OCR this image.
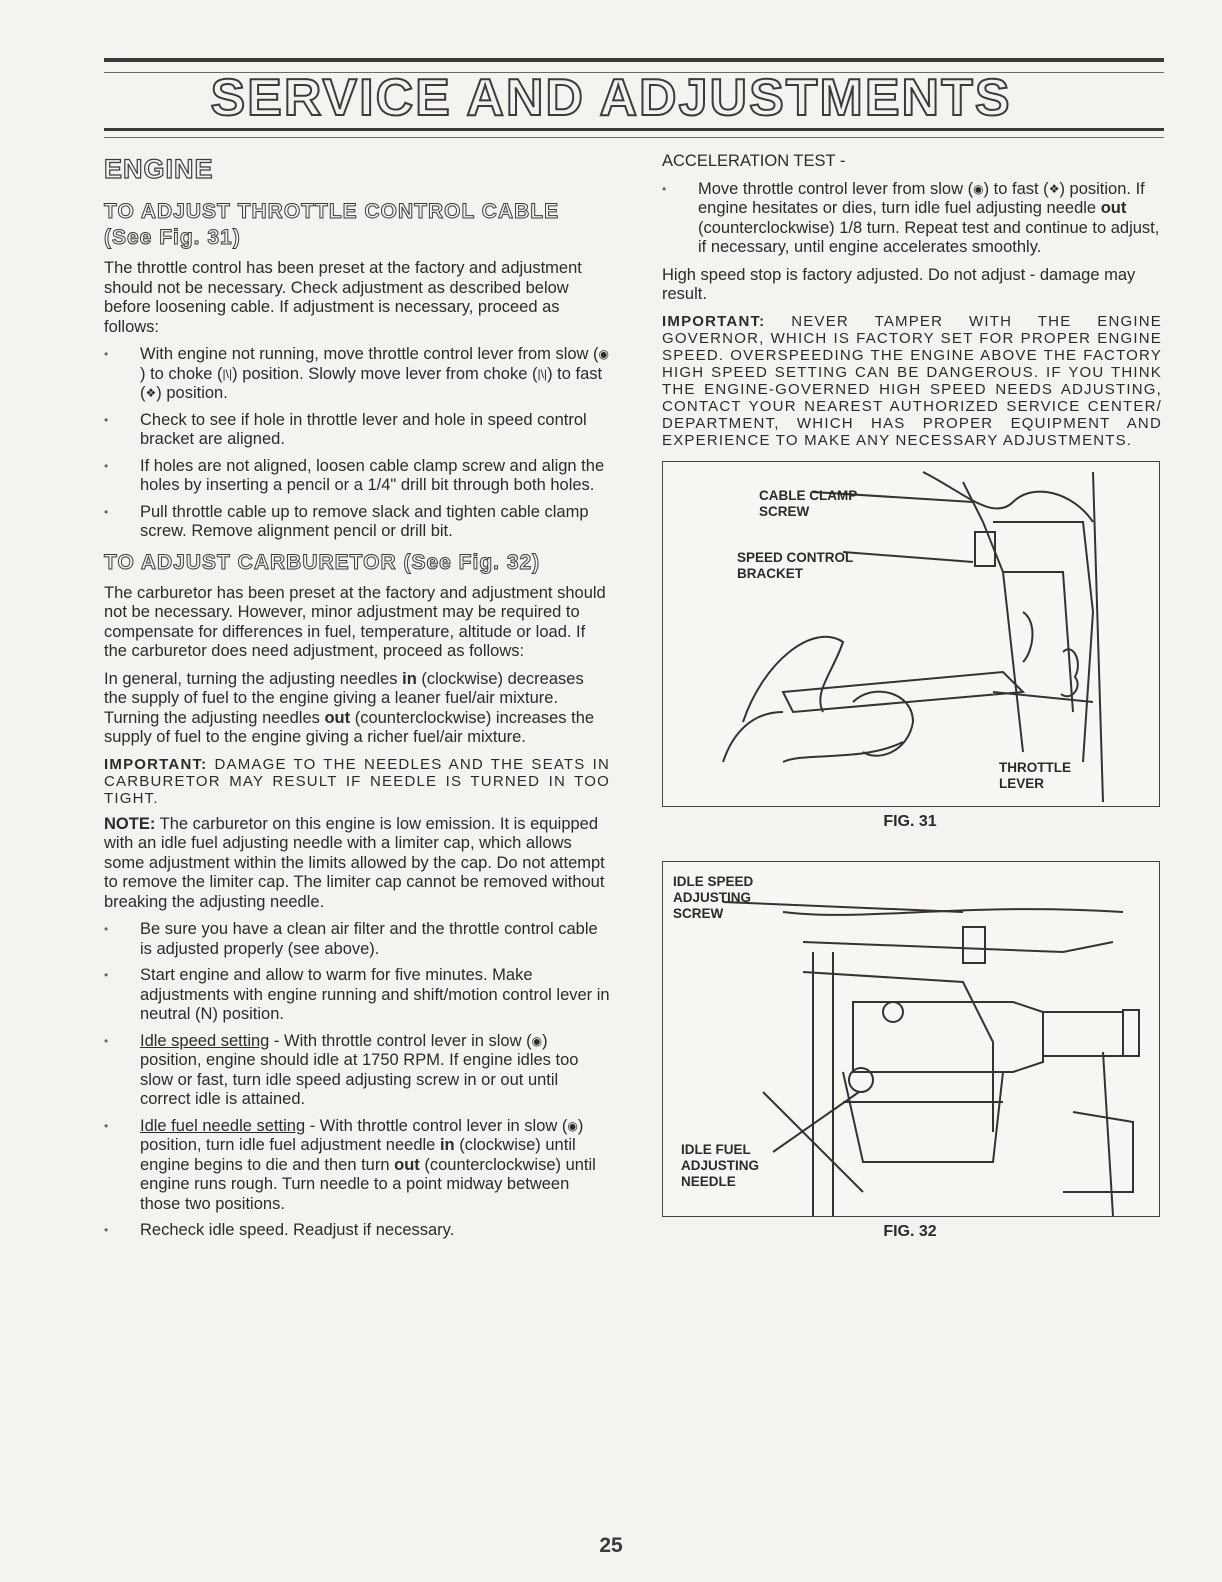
SERVICE AND ADJUSTMENTS
ENGINE
TO ADJUST THROTTLE CONTROL CABLE
(See Fig. 31)

The throttle control has been preset at the factory and adjustment should not be necessary. Check adjustment as described below before loosening cable. If adjustment is necessary, proceed as follows:

• With engine not running, move throttle control lever from slow (◉) to choke (|\|) position. Slowly move lever from choke (|\|) to fast (❖) position.
• Check to see if hole in throttle lever and hole in speed control bracket are aligned.
• If holes are not aligned, loosen cable clamp screw and align the holes by inserting a pencil or a 1/4" drill bit through both holes.
• Pull throttle cable up to remove slack and tighten cable clamp screw. Remove alignment pencil or drill bit.
TO ADJUST CARBURETOR (See Fig. 32)

The carburetor has been preset at the factory and adjustment should not be necessary. However, minor adjustment may be required to compensate for differences in fuel, temperature, altitude or load. If the carburetor does need adjustment, proceed as follows:

In general, turning the adjusting needles in (clockwise) decreases the supply of fuel to the engine giving a leaner fuel/air mixture. Turning the adjusting needles out (counterclockwise) increases the supply of fuel to the engine giving a richer fuel/air mixture.

IMPORTANT: DAMAGE TO THE NEEDLES AND THE SEATS IN CARBURETOR MAY RESULT IF NEEDLE IS TURNED IN TOO TIGHT.

NOTE: The carburetor on this engine is low emission. It is equipped with an idle fuel adjusting needle with a limiter cap, which allows some adjustment within the limits allowed by the cap. Do not attempt to remove the limiter cap. The limiter cap cannot be removed without breaking the adjusting needle.

• Be sure you have a clean air filter and the throttle control cable is adjusted properly (see above).
• Start engine and allow to warm for five minutes. Make adjustments with engine running and shift/motion control lever in neutral (N) position.
• Idle speed setting - With throttle control lever in slow (◉) position, engine should idle at 1750 RPM. If engine idles too slow or fast, turn idle speed adjusting screw in or out until correct idle is attained.
• Idle fuel needle setting - With throttle control lever in slow (◉) position, turn idle fuel adjustment needle in (clockwise) until engine begins to die and then turn out (counterclockwise) until engine runs rough. Turn needle to a point midway between those two positions.
• Recheck idle speed. Readjust if necessary.

ACCELERATION TEST -

• Move throttle control lever from slow (◉) to fast (❖) position. If engine hesitates or dies, turn idle fuel adjusting needle out (counterclockwise) 1/8 turn. Repeat test and continue to adjust, if necessary, until engine accelerates smoothly.

High speed stop is factory adjusted. Do not adjust - damage may result.

IMPORTANT: NEVER TAMPER WITH THE ENGINE GOVERNOR, WHICH IS FACTORY SET FOR PROPER ENGINE SPEED. OVERSPEEDING THE ENGINE ABOVE THE FACTORY HIGH SPEED SETTING CAN BE DANGEROUS. IF YOU THINK THE ENGINE-GOVERNED HIGH SPEED NEEDS ADJUSTING, CONTACT YOUR NEAREST AUTHORIZED SERVICE CENTER/ DEPARTMENT, WHICH HAS PROPER EQUIPMENT AND EXPERIENCE TO MAKE ANY NECESSARY ADJUSTMENTS.

CABLE CLAMP
SCREW
SPEED CONTROL
BRACKET
THROTTLE
LEVER
FIG. 31
IDLE SPEED
ADJUSTING
SCREW
IDLE FUEL
ADJUSTING
NEEDLE
FIG. 32
25
